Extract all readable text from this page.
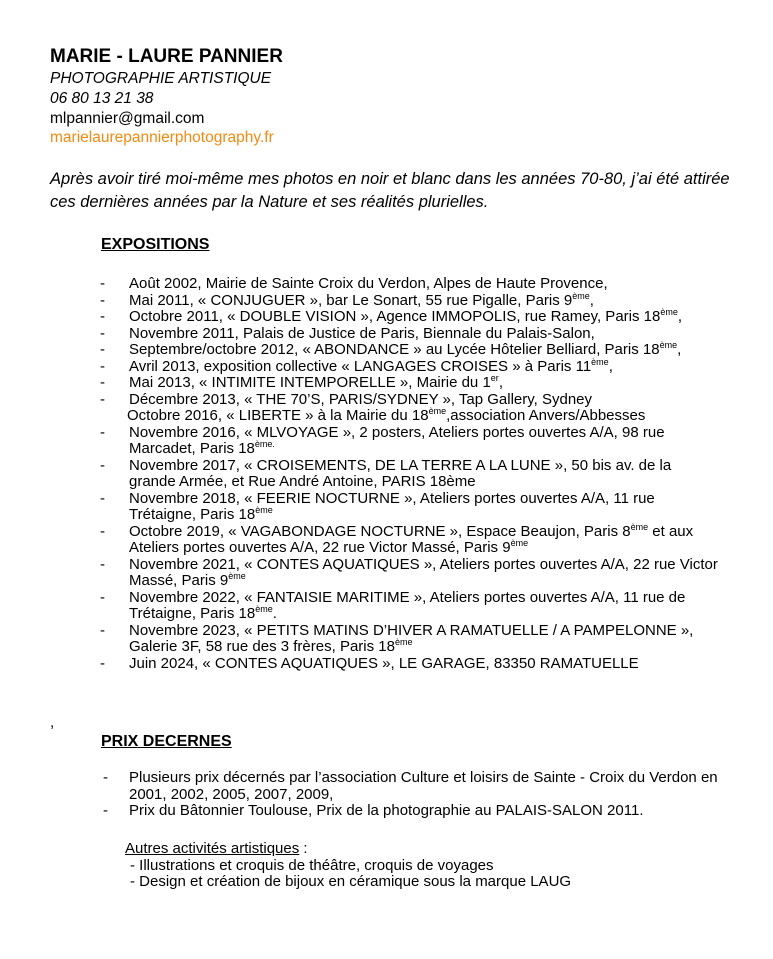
MARIE - LAURE PANNIER
PHOTOGRAPHIE ARTISTIQUE
06 80 13 21 38
mlpannier@gmail.com
marielaurepannierphotography.fr
Après avoir tiré moi-même mes photos en noir et blanc dans les années 70-80, j’ai été attirée ces dernières années par la Nature et ses réalités plurielles.
EXPOSITIONS
- Août 2002, Mairie de Sainte Croix du Verdon, Alpes de Haute Provence,
- Mai 2011, « CONJUGUER », bar Le Sonart, 55 rue Pigalle, Paris 9ème,
- Octobre 2011, « DOUBLE VISION », Agence IMMOPOLIS, rue Ramey, Paris 18ème,
- Novembre 2011, Palais de Justice de Paris, Biennale du Palais-Salon,
- Septembre/octobre 2012, « ABONDANCE » au Lycée Hôtelier Belliard, Paris 18ème,
- Avril 2013, exposition collective « LANGAGES CROISES » à Paris 11ème,
- Mai 2013, « INTIMITE INTEMPORELLE », Mairie du 1er,
- Décembre 2013, « THE 70’S, PARIS/SYDNEY », Tap Gallery, Sydney
Octobre 2016, « LIBERTE » à la Mairie du 18ème,association Anvers/Abbesses
- Novembre 2016, « MLVOYAGE », 2 posters, Ateliers portes ouvertes A/A, 98 rue Marcadet, Paris $18^{ème.}$
- Novembre 2017, « CROISEMENTS, DE LA TERRE A LA LUNE », 50 bis av. de la grande Armée, et Rue André Antoine, PARIS 18ème
- Novembre 2018, « FEERIE NOCTURNE », Ateliers portes ouvertes A/A, 11 rue Trétaigne, Paris 18ème
- Octobre 2019, « VAGABONDAGE NOCTURNE », Espace Beaujon, Paris 8ème et aux Ateliers portes ouvertes A/A, 22 rue Victor Massé, Paris 9ème
- Novembre 2021, « CONTES AQUATIQUES », Ateliers portes ouvertes A/A, 22 rue Victor Massé, Paris 9ème
- Novembre 2022, « FANTAISIE MARITIME », Ateliers portes ouvertes A/A, 11 rue de Trétaigne, Paris 18ème.
- Novembre 2023, « PETITS MATINS D’HIVER A RAMATUELLE / A PAMPELONNE », Galerie 3F, 58 rue des 3 frères, Paris 18ème
- Juin 2024, « CONTES AQUATIQUES », LE GARAGE, 83350 RAMATUELLE
,
PRIX DECERNES
- Plusieurs prix décernés par l’association Culture et loisirs de Sainte - Croix du Verdon en 2001, 2002, 2005, 2007, 2009,
- Prix du Bâtonnier Toulouse, Prix de la photographie au PALAIS-SALON 2011.
Autres activités artistiques :
- Illustrations et croquis de théâtre, croquis de voyages
- Design et création de bijoux en céramique sous la marque LAUG
